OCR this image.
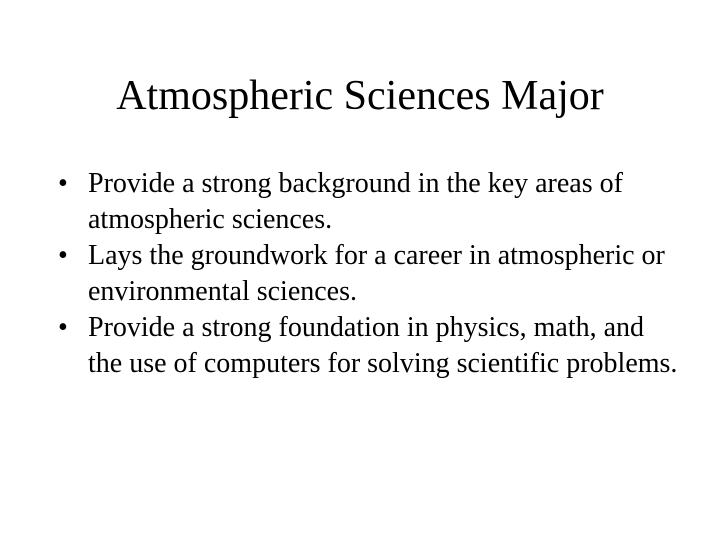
Atmospheric Sciences Major
• Provide a strong background in the key areas of atmospheric sciences.
• Lays the groundwork for a career in atmospheric or environmental sciences.
• Provide a strong foundation in physics, math, and the use of computers for solving scientific problems.
